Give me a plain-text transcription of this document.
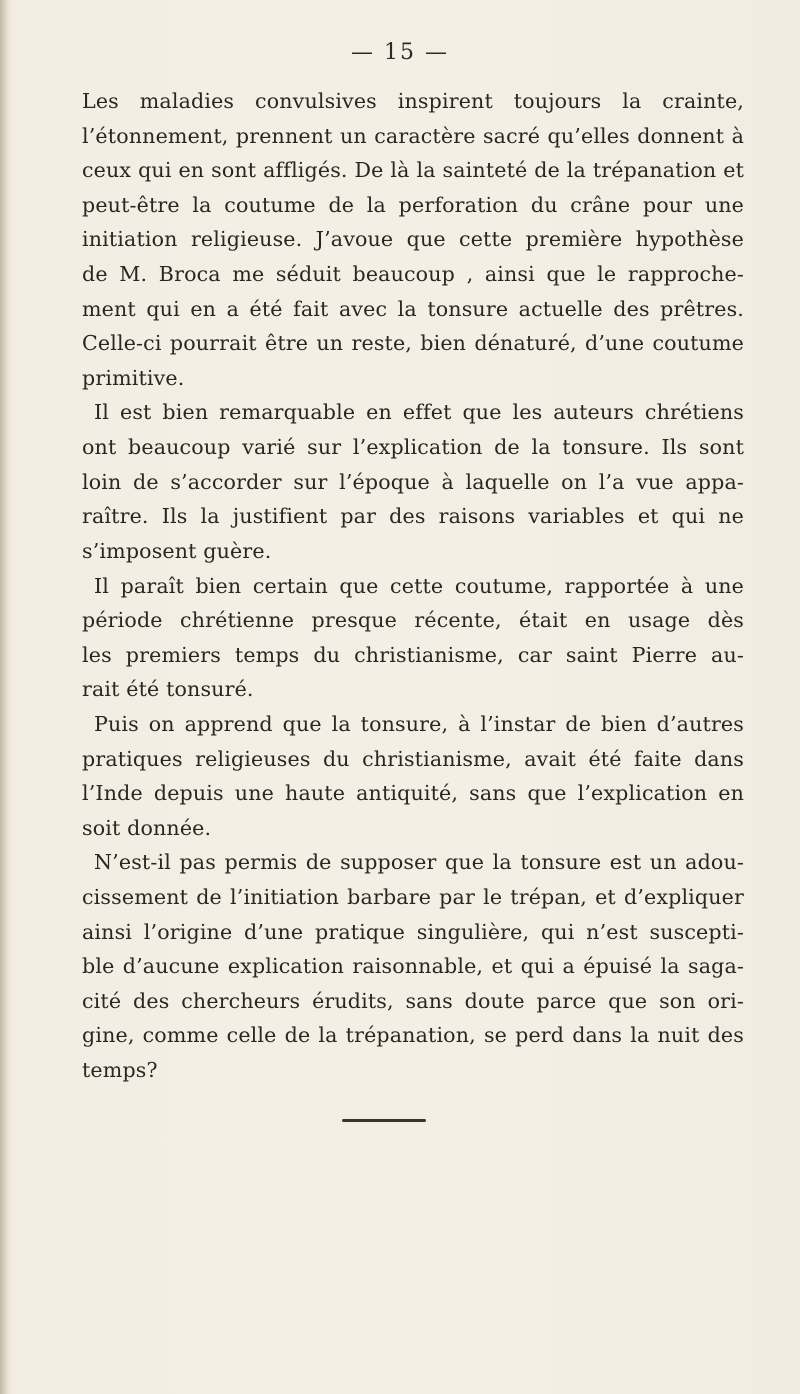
— 15 —
Les maladies convulsives inspirent toujours la crainte,
l’étonnement, prennent un caractère sacré qu’elles donnent à
ceux qui en sont affligés. De là la sainteté de la trépanation et
peut-être la coutume de la perforation du crâne pour une
initiation religieuse. J’avoue que cette première hypothèse
de M. Broca me séduit beaucoup , ainsi que le rapproche-
ment qui en a été fait avec la tonsure actuelle des prêtres.
Celle-ci pourrait être un reste, bien dénaturé, d’une coutume
primitive.
Il est bien remarquable en effet que les auteurs chrétiens
ont beaucoup varié sur l’explication de la tonsure. Ils sont
loin de s’accorder sur l’époque à laquelle on l’a vue appa-
raître. Ils la justifient par des raisons variables et qui ne
s’imposent guère.
Il paraît bien certain que cette coutume, rapportée à une
période chrétienne presque récente, était en usage dès
les premiers temps du christianisme, car saint Pierre au-
rait été tonsuré.
Puis on apprend que la tonsure, à l’instar de bien d’autres
pratiques religieuses du christianisme, avait été faite dans
l’Inde depuis une haute antiquité, sans que l’explication en
soit donnée.
N’est-il pas permis de supposer que la tonsure est un adou-
cissement de l’initiation barbare par le trépan, et d’expliquer
ainsi l’origine d’une pratique singulière, qui n’est suscepti-
ble d’aucune explication raisonnable, et qui a épuisé la saga-
cité des chercheurs érudits, sans doute parce que son ori-
gine, comme celle de la trépanation, se perd dans la nuit des
temps?
